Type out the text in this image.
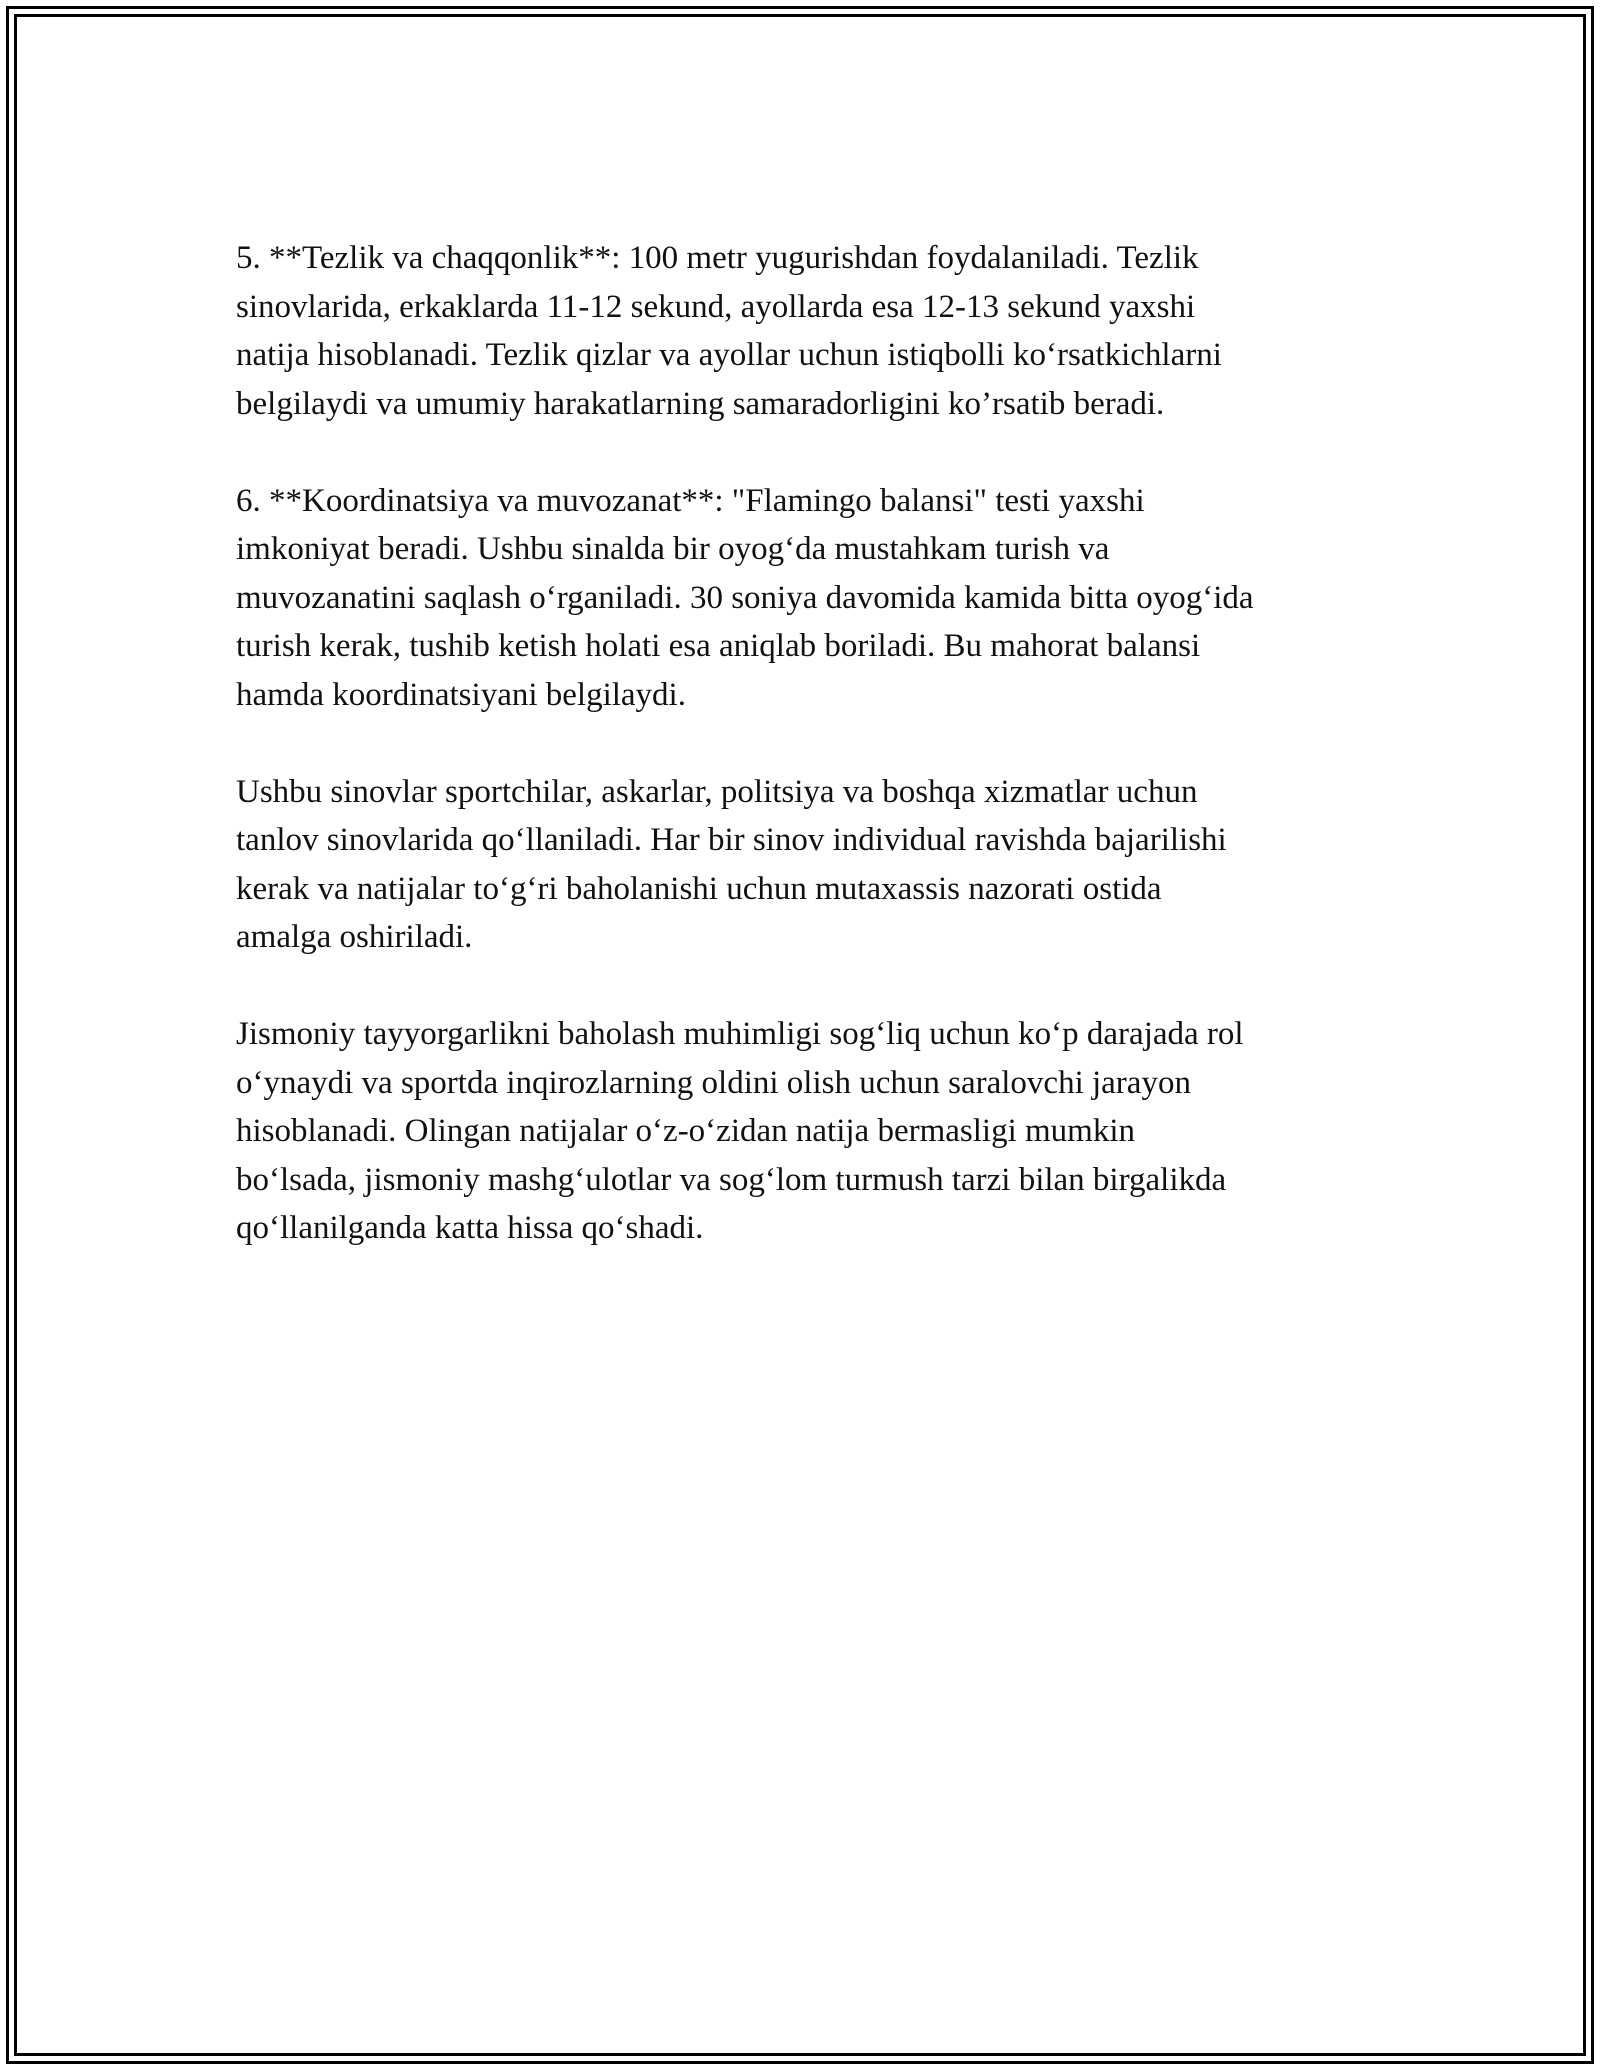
5. **Tezlik va chaqqonlik**: 100 metr yugurishdan foydalaniladi. Tezlik
sinovlarida, erkaklarda 11-12 sekund, ayollarda esa 12-13 sekund yaxshi
natija hisoblanadi. Tezlik qizlar va ayollar uchun istiqbolli ko‘rsatkichlarni
belgilaydi va umumiy harakatlarning samaradorligini ko’rsatib beradi.

6. **Koordinatsiya va muvozanat**: "Flamingo balansi" testi yaxshi
imkoniyat beradi. Ushbu sinalda bir oyog‘da mustahkam turish va
muvozanatini saqlash o‘rganiladi. 30 soniya davomida kamida bitta oyog‘ida
turish kerak, tushib ketish holati esa aniqlab boriladi. Bu mahorat balansi
hamda koordinatsiyani belgilaydi.

Ushbu sinovlar sportchilar, askarlar, politsiya va boshqa xizmatlar uchun
tanlov sinovlarida qo‘llaniladi. Har bir sinov individual ravishda bajarilishi
kerak va natijalar to‘g‘ri baholanishi uchun mutaxassis nazorati ostida
amalga oshiriladi.

Jismoniy tayyorgarlikni baholash muhimligi sog‘liq uchun ko‘p darajada rol
o‘ynaydi va sportda inqirozlarning oldini olish uchun saralovchi jarayon
hisoblanadi. Olingan natijalar o‘z-o‘zidan natija bermasligi mumkin
bo‘lsada, jismoniy mashg‘ulotlar va sog‘lom turmush tarzi bilan birgalikda
qo‘llanilganda katta hissa qo‘shadi.
